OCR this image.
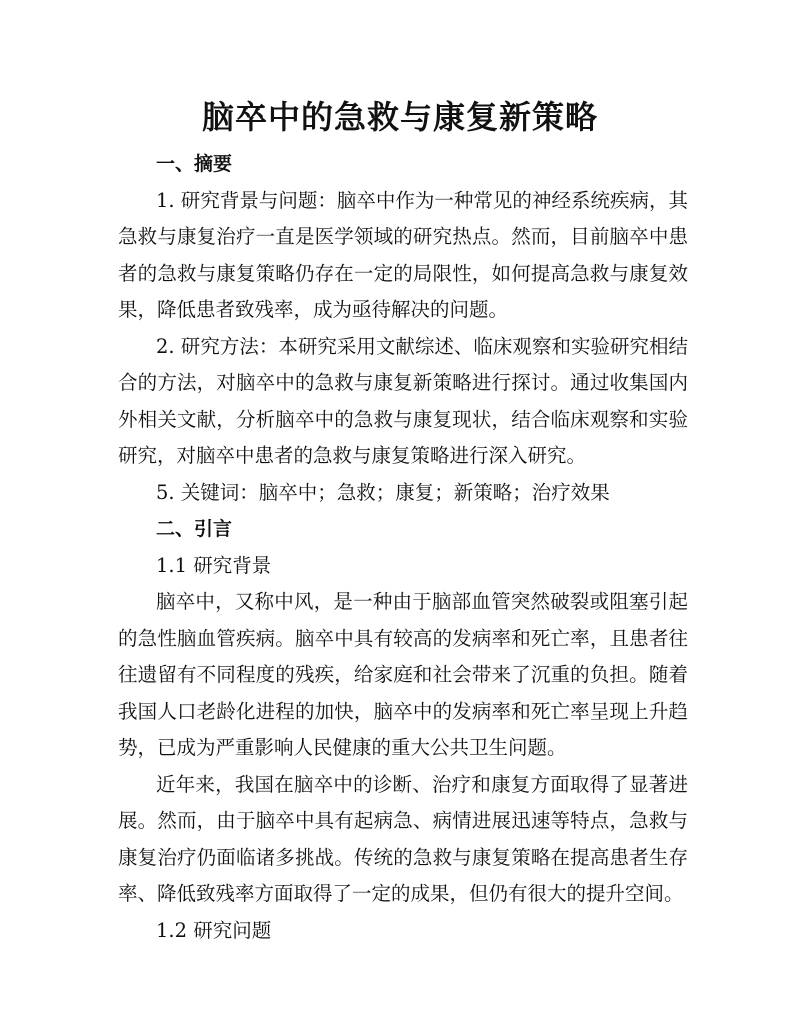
脑卒中的急救与康复新策略

一、摘要

1. 研究背景与问题：脑卒中作为一种常见的神经系统疾病，其急救与康复治疗一直是医学领域的研究热点。然而，目前脑卒中患者的急救与康复策略仍存在一定的局限性，如何提高急救与康复效果，降低患者致残率，成为亟待解决的问题。

2. 研究方法：本研究采用文献综述、临床观察和实验研究相结合的方法，对脑卒中的急救与康复新策略进行探讨。通过收集国内外相关文献，分析脑卒中的急救与康复现状，结合临床观察和实验研究，对脑卒中患者的急救与康复策略进行深入研究。

5. 关键词：脑卒中；急救；康复；新策略；治疗效果

二、引言

1.1 研究背景

脑卒中，又称中风，是一种由于脑部血管突然破裂或阻塞引起的急性脑血管疾病。脑卒中具有较高的发病率和死亡率，且患者往往遗留有不同程度的残疾，给家庭和社会带来了沉重的负担。随着我国人口老龄化进程的加快，脑卒中的发病率和死亡率呈现上升趋势，已成为严重影响人民健康的重大公共卫生问题。

近年来，我国在脑卒中的诊断、治疗和康复方面取得了显著进展。然而，由于脑卒中具有起病急、病情进展迅速等特点，急救与康复治疗仍面临诸多挑战。传统的急救与康复策略在提高患者生存率、降低致残率方面取得了一定的成果，但仍有很大的提升空间。

1.2 研究问题
